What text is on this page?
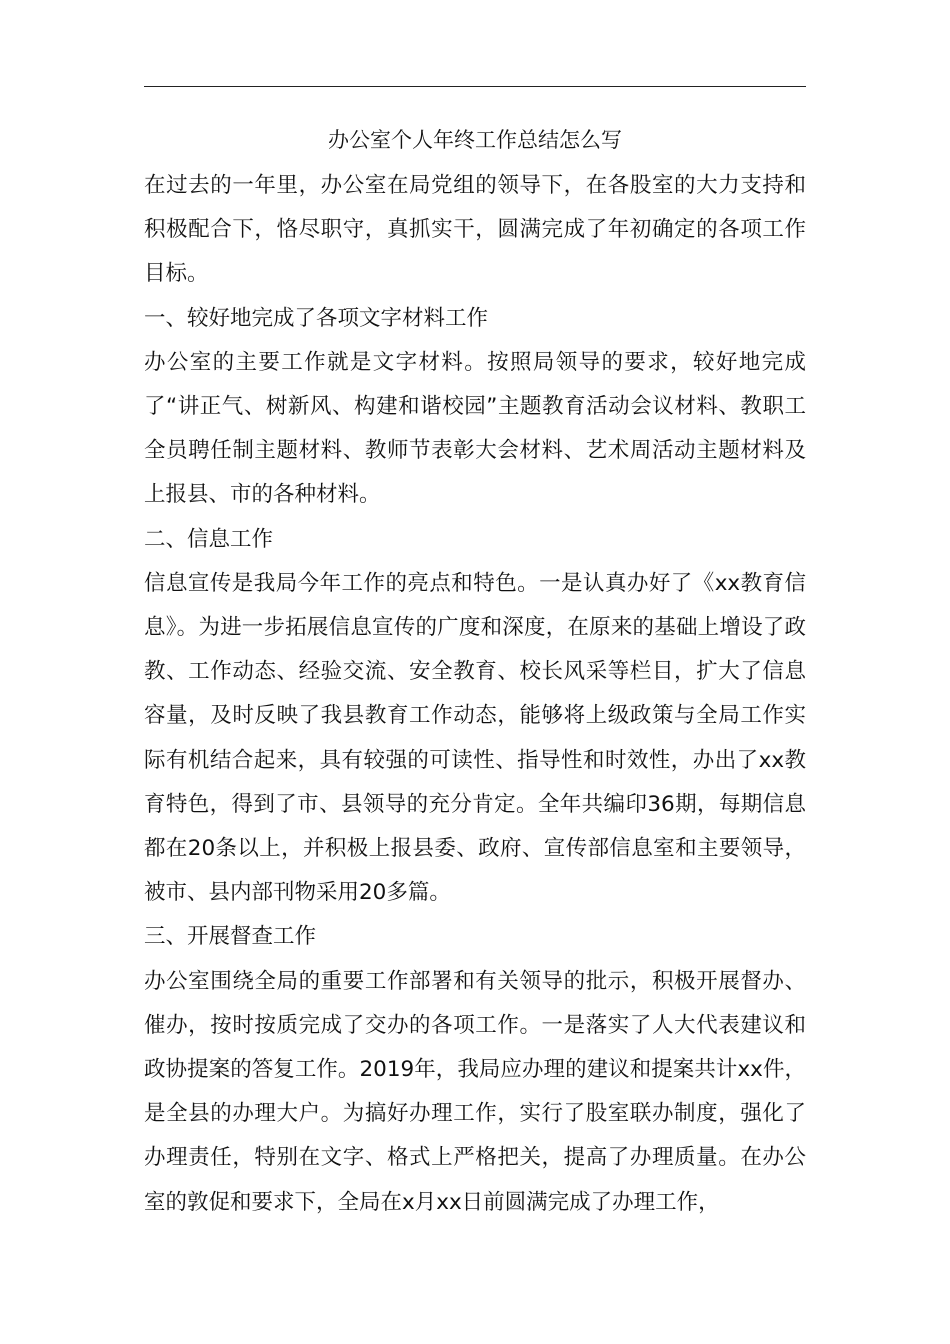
办公室个人年终工作总结怎么写

在过去的一年里，办公室在局党组的领导下，在各股室的大力支持和积极配合下，恪尽职守，真抓实干，圆满完成了年初确定的各项工作目标。

一、较好地完成了各项文字材料工作

办公室的主要工作就是文字材料。按照局领导的要求，较好地完成了“讲正气、树新风、构建和谐校园”主题教育活动会议材料、教职工全员聘任制主题材料、教师节表彰大会材料、艺术周活动主题材料及上报县、市的各种材料。

二、信息工作

信息宣传是我局今年工作的亮点和特色。一是认真办好了《xx教育信息》。为进一步拓展信息宣传的广度和深度，在原来的基础上增设了政教、工作动态、经验交流、安全教育、校长风采等栏目，扩大了信息容量，及时反映了我县教育工作动态，能够将上级政策与全局工作实际有机结合起来，具有较强的可读性、指导性和时效性，办出了xx教育特色，得到了市、县领导的充分肯定。全年共编印36期，每期信息都在20条以上，并积极上报县委、政府、宣传部信息室和主要领导，被市、县内部刊物采用20多篇。

三、开展督查工作

办公室围绕全局的重要工作部署和有关领导的批示，积极开展督办、催办，按时按质完成了交办的各项工作。一是落实了人大代表建议和政协提案的答复工作。2019年，我局应办理的建议和提案共计xx件，是全县的办理大户。为搞好办理工作，实行了股室联办制度，强化了办理责任，特别在文字、格式上严格把关，提高了办理质量。在办公室的敦促和要求下，全局在x月xx日前圆满完成了办理工作，
